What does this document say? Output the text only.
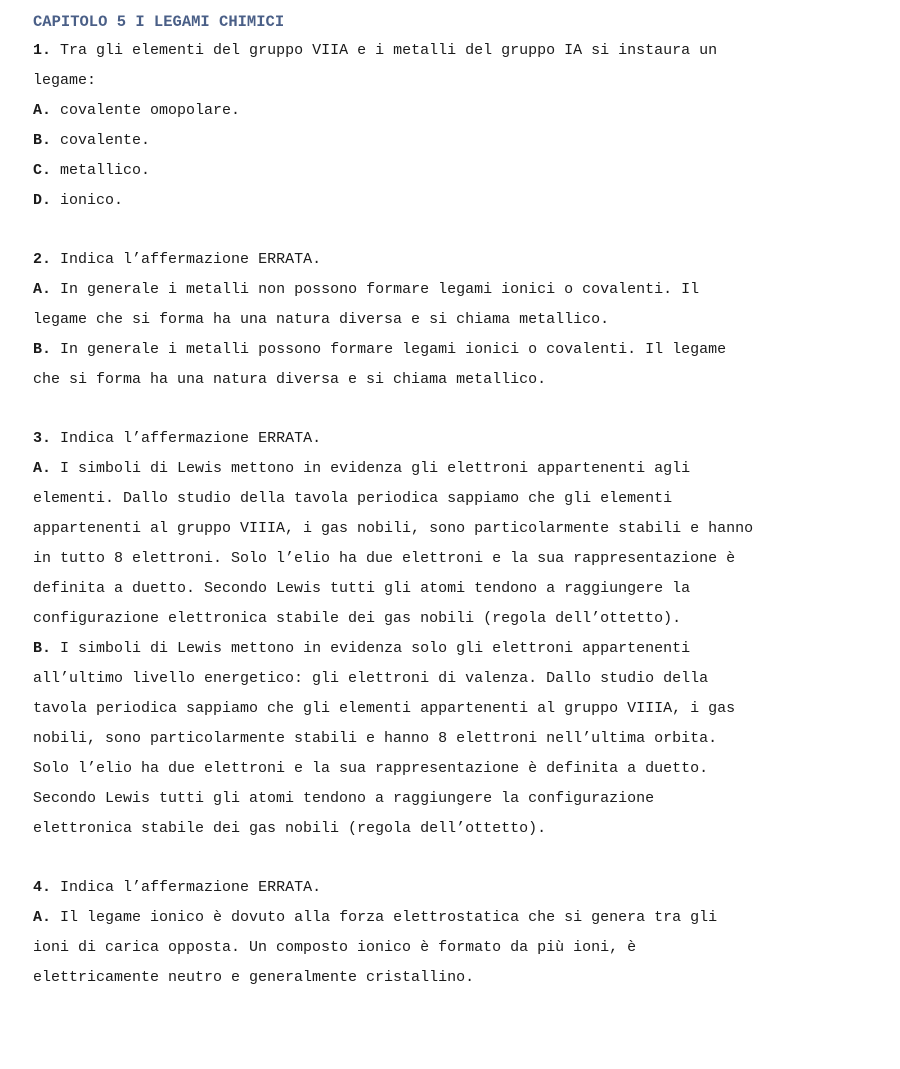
CAPITOLO 5 I LEGAMI CHIMICI
1. Tra gli elementi del gruppo VIIA e i metalli del gruppo IA si instaura un
legame:
A. covalente omopolare.
B. covalente.
C. metallico.
D. ionico.
2. Indica l’affermazione ERRATA.
A. In generale i metalli non possono formare legami ionici o covalenti. Il
legame che si forma ha una natura diversa e si chiama metallico.
B. In generale i metalli possono formare legami ionici o covalenti. Il legame
che si forma ha una natura diversa e si chiama metallico.
3. Indica l’affermazione ERRATA.
A. I simboli di Lewis mettono in evidenza gli elettroni appartenenti agli
elementi. Dallo studio della tavola periodica sappiamo che gli elementi
appartenenti al gruppo VIIIA, i gas nobili, sono particolarmente stabili e hanno
in tutto 8 elettroni. Solo l’elio ha due elettroni e la sua rappresentazione è
definita a duetto. Secondo Lewis tutti gli atomi tendono a raggiungere la
configurazione elettronica stabile dei gas nobili (regola dell’ottetto).
B. I simboli di Lewis mettono in evidenza solo gli elettroni appartenenti
all’ultimo livello energetico: gli elettroni di valenza. Dallo studio della
tavola periodica sappiamo che gli elementi appartenenti al gruppo VIIIA, i gas
nobili, sono particolarmente stabili e hanno 8 elettroni nell’ultima orbita.
Solo l’elio ha due elettroni e la sua rappresentazione è definita a duetto.
Secondo Lewis tutti gli atomi tendono a raggiungere la configurazione
elettronica stabile dei gas nobili (regola dell’ottetto).
4. Indica l’affermazione ERRATA.
A. Il legame ionico è dovuto alla forza elettrostatica che si genera tra gli
ioni di carica opposta. Un composto ionico è formato da più ioni, è
elettricamente neutro e generalmente cristallino.
